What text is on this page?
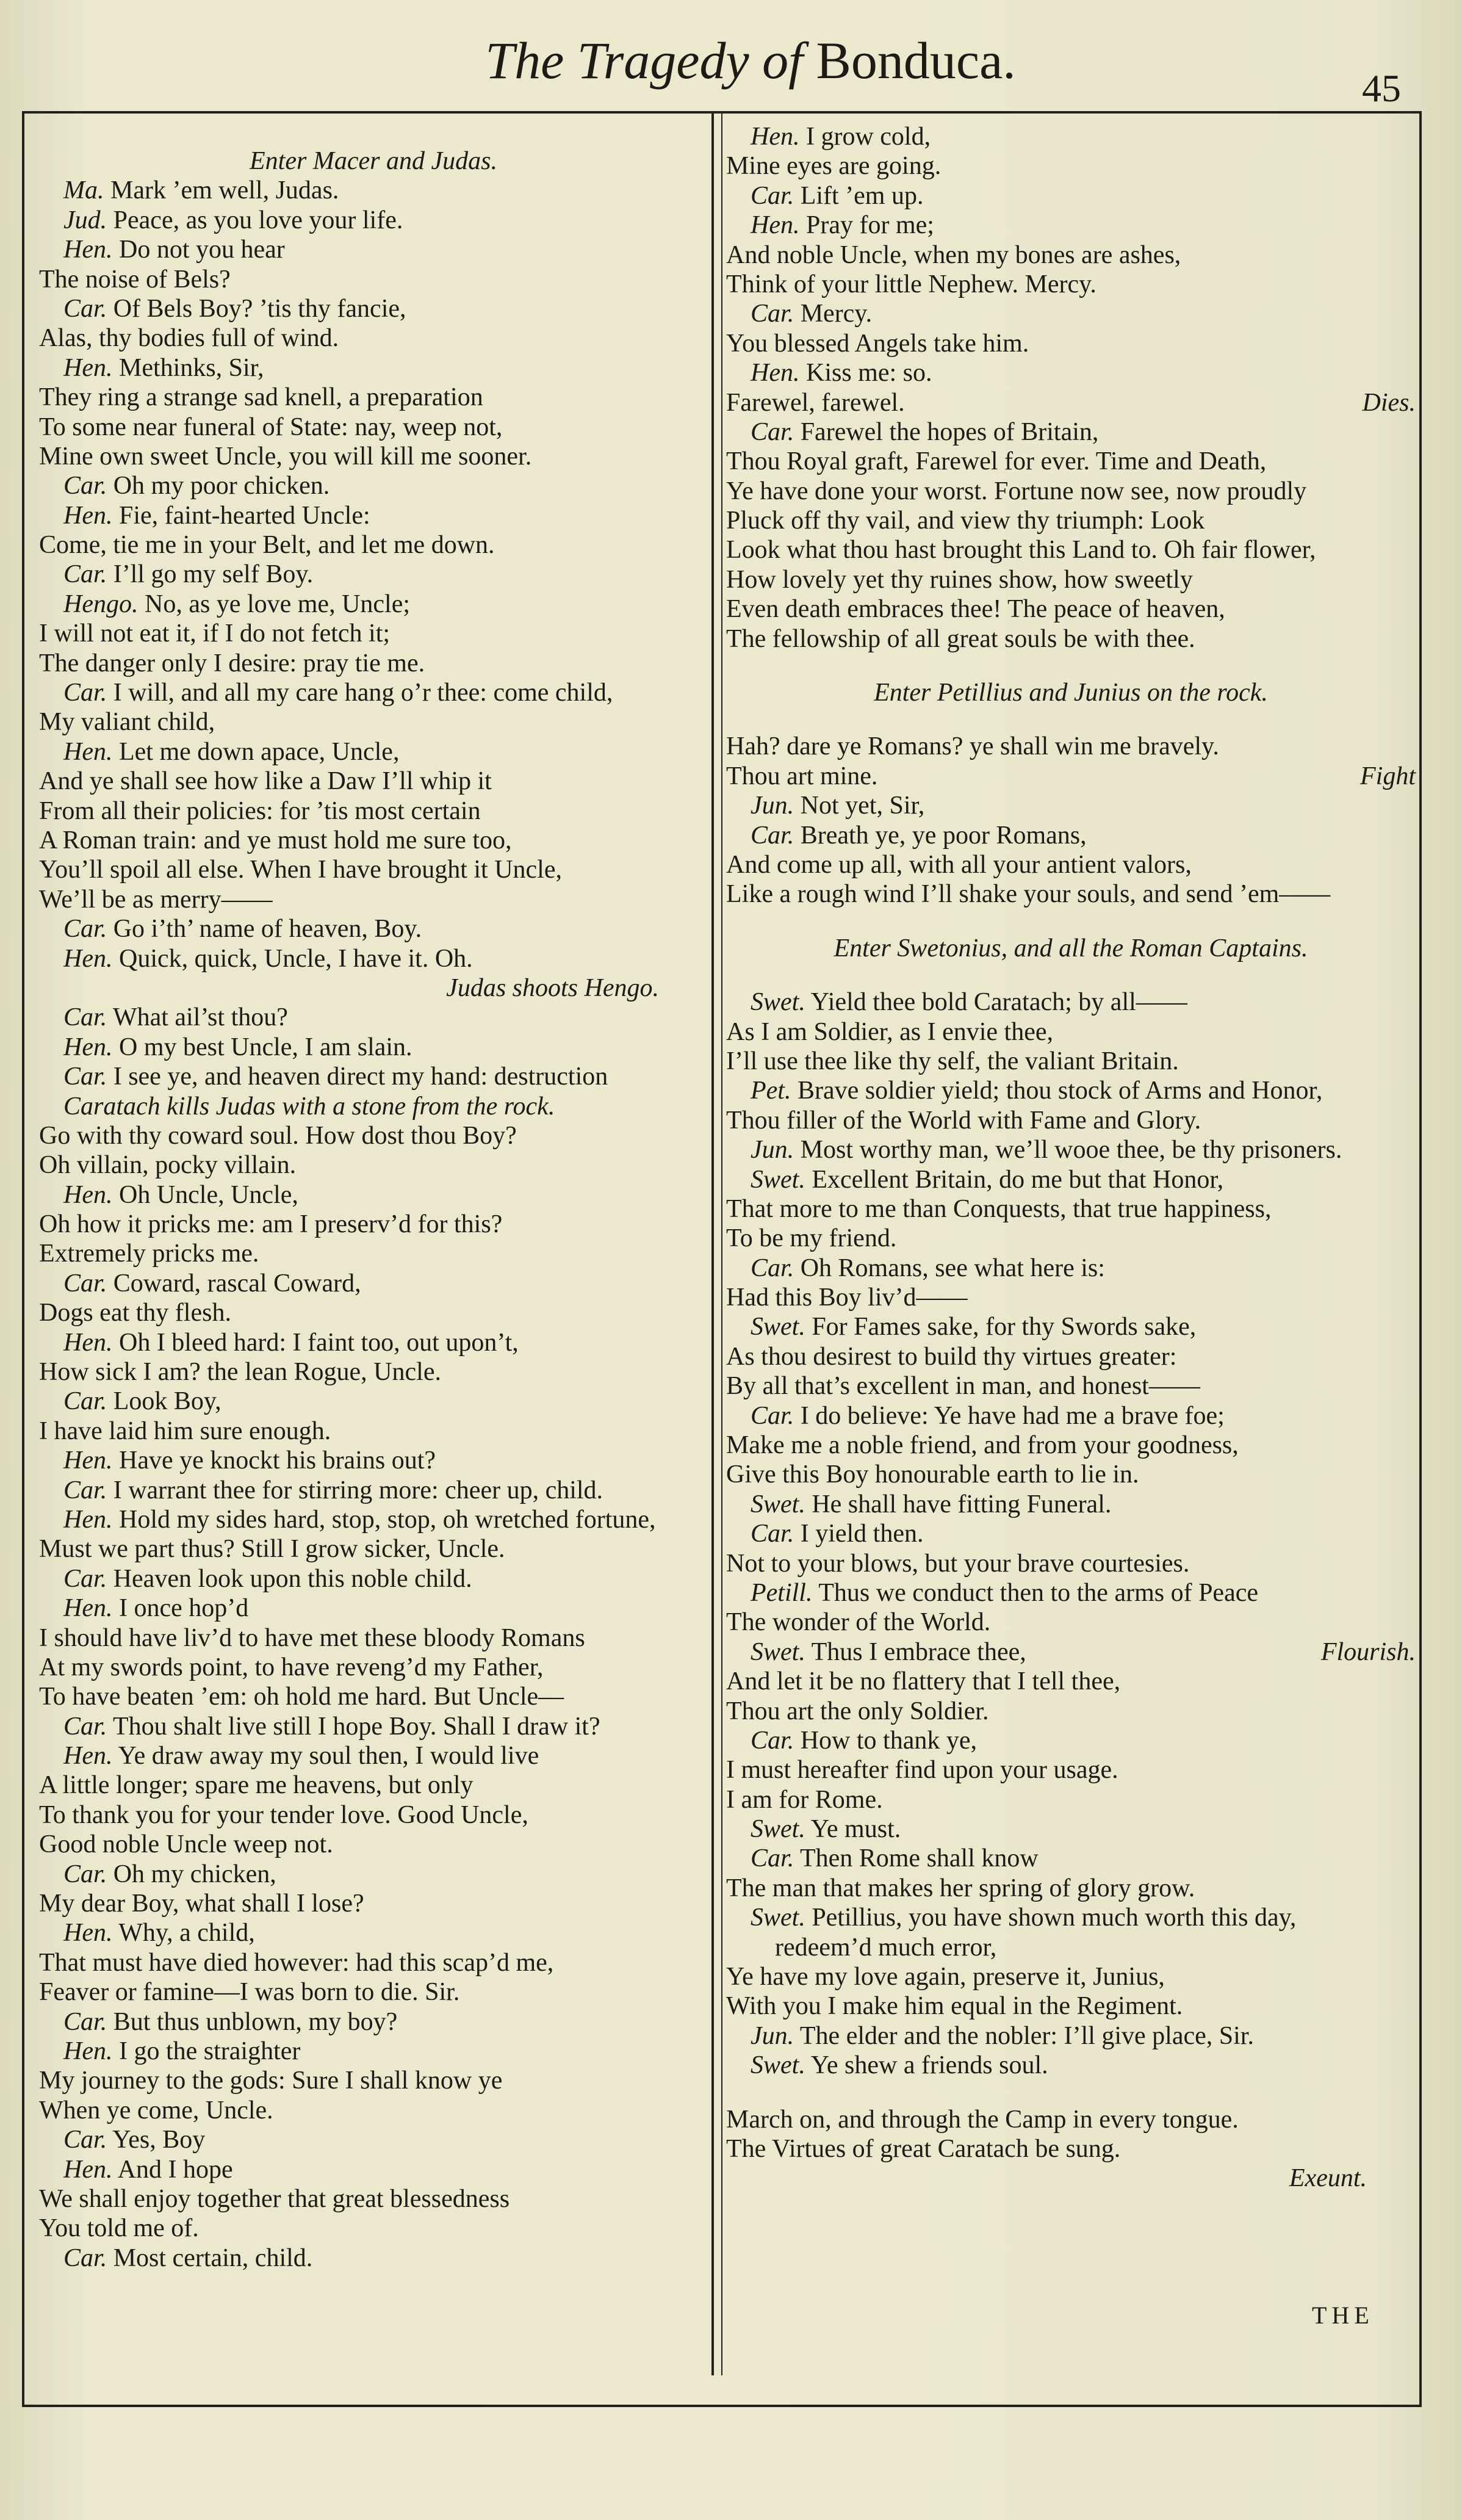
The Tragedy of Bonduca.	45
Enter Macer and Judas.
Ma. Mark ’em well, Judas.
Jud. Peace, as you love your life.
Hen. Do not you hear
The noise of Bels?
Car. Of Bels Boy? ’tis thy fancie,
Alas, thy bodies full of wind.
Hen. Methinks, Sir,
They ring a strange sad knell, a preparation
To some near funeral of State: nay, weep not,
Mine own sweet Uncle, you will kill me sooner.
Car. Oh my poor chicken.
Hen. Fie, faint-hearted Uncle:
Come, tie me in your Belt, and let me down.
Car. I’ll go my self Boy.
Hengo. No, as ye love me, Uncle;
I will not eat it, if I do not fetch it;
The danger only I desire: pray tie me.
Car. I will, and all my care hang o’r thee: come child,
My valiant child,
Hen. Let me down apace, Uncle,
And ye shall see how like a Daw I’ll whip it
From all their policies: for ’tis most certain
A Roman train: and ye must hold me sure too,
You’ll spoil all else. When I have brought it Uncle,
We’ll be as merry——
Car. Go i’th’ name of heaven, Boy.
Hen. Quick, quick, Uncle, I have it. Oh.
Judas shoots Hengo.
Car. What ail’st thou?
Hen. O my best Uncle, I am slain.
Car. I see ye, and heaven direct my hand: destruction
Caratach kills Judas with a stone from the rock.
Go with thy coward soul. How dost thou Boy?
Oh villain, pocky villain.
Hen. Oh Uncle, Uncle,
Oh how it pricks me: am I preserv’d for this?
Extremely pricks me.
Car. Coward, rascal Coward,
Dogs eat thy flesh.
Hen. Oh I bleed hard: I faint too, out upon’t,
How sick I am? the lean Rogue, Uncle.
Car. Look Boy,
I have laid him sure enough.
Hen. Have ye knockt his brains out?
Car. I warrant thee for stirring more: cheer up, child.
Hen. Hold my sides hard, stop, stop, oh wretched fortune,
Must we part thus? Still I grow sicker, Uncle.
Car. Heaven look upon this noble child.
Hen. I once hop’d
I should have liv’d to have met these bloody Romans
At my swords point, to have reveng’d my Father,
To have beaten ’em: oh hold me hard. But Uncle—
Car. Thou shalt live still I hope Boy. Shall I draw it?
Hen. Ye draw away my soul then, I would live
A little longer; spare me heavens, but only
To thank you for your tender love. Good Uncle,
Good noble Uncle weep not.
Car. Oh my chicken,
My dear Boy, what shall I lose?
Hen. Why, a child,
That must have died however: had this scap’d me,
Feaver or famine—I was born to die. Sir.
Car. But thus unblown, my boy?
Hen. I go the straighter
My journey to the gods: Sure I shall know ye
When ye come, Uncle.
Car. Yes, Boy
Hen. And I hope
We shall enjoy together that great blessedness
You told me of.
Car. Most certain, child.
Hen. I grow cold,
Mine eyes are going.
Car. Lift ’em up.
Hen. Pray for me;
And noble Uncle, when my bones are ashes,
Think of your little Nephew. Mercy.
Car. Mercy.
You blessed Angels take him.
Hen. Kiss me: so.
Farewel, farewel.	Dies.
Car. Farewel the hopes of Britain,
Thou Royal graft, Farewel for ever. Time and Death,
Ye have done your worst. Fortune now see, now proudly
Pluck off thy vail, and view thy triumph: Look
Look what thou hast brought this Land to. Oh fair flower,
How lovely yet thy ruines show, how sweetly
Even death embraces thee! The peace of heaven,
The fellowship of all great souls be with thee.
Enter Petillius and Junius on the rock.
Hah? dare ye Romans? ye shall win me bravely.
Thou art mine.	Fight
Jun. Not yet, Sir,
Car. Breath ye, ye poor Romans,
And come up all, with all your antient valors,
Like a rough wind I’ll shake your souls, and send ’em——
Enter Swetonius, and all the Roman Captains.
Swet. Yield thee bold Caratach; by all——
As I am Soldier, as I envie thee,
I’ll use thee like thy self, the valiant Britain.
Pet. Brave soldier yield; thou stock of Arms and Honor,
Thou filler of the World with Fame and Glory.
Jun. Most worthy man, we’ll wooe thee, be thy prisoners.
Swet. Excellent Britain, do me but that Honor,
That more to me than Conquests, that true happiness,
To be my friend.
Car. Oh Romans, see what here is:
Had this Boy liv’d——
Swet. For Fames sake, for thy Swords sake,
As thou desirest to build thy virtues greater:
By all that’s excellent in man, and honest——
Car. I do believe: Ye have had me a brave foe;
Make me a noble friend, and from your goodness,
Give this Boy honourable earth to lie in.
Swet. He shall have fitting Funeral.
Car. I yield then.
Not to your blows, but your brave courtesies.
Petill. Thus we conduct then to the arms of Peace
The wonder of the World.
Swet. Thus I embrace thee,	Flourish.
And let it be no flattery that I tell thee,
Thou art the only Soldier.
Car. How to thank ye,
I must hereafter find upon your usage.
I am for Rome.
Swet. Ye must.
Car. Then Rome shall know
The man that makes her spring of glory grow.
Swet. Petillius, you have shown much worth this day,
redeem’d much error,
Ye have my love again, preserve it, Junius,
With you I make him equal in the Regiment.
Jun. The elder and the nobler: I’ll give place, Sir.
Swet. Ye shew a friends soul.
March on, and through the Camp in every tongue.
The Virtues of great Caratach be sung.
Exeunt.
THE
